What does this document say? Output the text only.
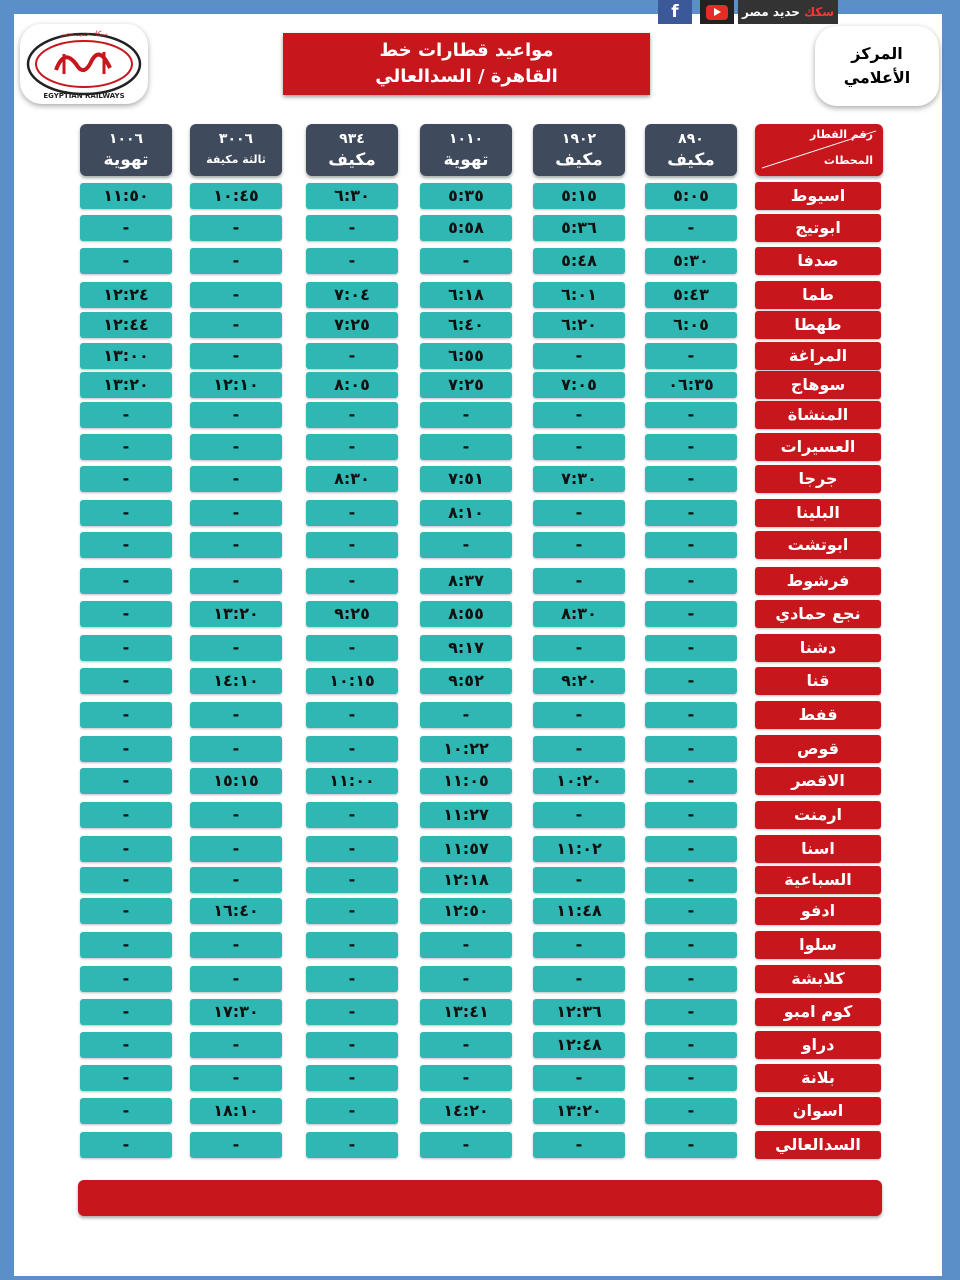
f	سكك حديد مصر
سكك حديد مصر
EGYPTIAN RAILWAYS
مواعيد قطارات خط
القاهرة / السدالعالي
المركز
الأعلامي
رقم القطار
المحطات
٨٩٠
مكيف
١٩٠٢
مكيف
١٠١٠
تهوية
٩٣٤
مكيف
٣٠٠٦
ثالثة مكيفة
١٠٠٦
تهوية
اسيوط
٥:٠٥
٥:١٥
٥:٣٥
٦:٣٠
١٠:٤٥
١١:٥٠
ابوتيج
-
٥:٣٦
٥:٥٨
-
-
-
صدفا
٥:٣٠
٥:٤٨
-
-
-
-
طما
٥:٤٣
٦:٠١
٦:١٨
٧:٠٤
-
١٢:٢٤
طهطا
٦:٠٥
٦:٢٠
٦:٤٠
٧:٢٥
-
١٢:٤٤
المراغة
-
-
٦:٥٥
-
-
١٣:٠٠
سوهاج
٠٦:٣٥
٧:٠٥
٧:٢٥
٨:٠٥
١٢:١٠
١٣:٢٠
المنشاة
-
-
-
-
-
-
العسيرات
-
-
-
-
-
-
جرجا
-
٧:٣٠
٧:٥١
٨:٣٠
-
-
البلينا
-
-
٨:١٠
-
-
-
ابوتشت
-
-
-
-
-
-
فرشوط
-
-
٨:٣٧
-
-
-
نجع حمادي
-
٨:٣٠
٨:٥٥
٩:٢٥
١٣:٢٠
-
دشنا
-
-
٩:١٧
-
-
-
قنا
-
٩:٢٠
٩:٥٢
١٠:١٥
١٤:١٠
-
قفط
-
-
-
-
-
-
قوص
-
-
١٠:٢٢
-
-
-
الاقصر
-
١٠:٢٠
١١:٠٥
١١:٠٠
١٥:١٥
-
ارمنت
-
-
١١:٢٧
-
-
-
اسنا
-
١١:٠٢
١١:٥٧
-
-
-
السباعية
-
-
١٢:١٨
-
-
-
ادفو
-
١١:٤٨
١٢:٥٠
-
١٦:٤٠
-
سلوا
-
-
-
-
-
-
كلابشة
-
-
-
-
-
-
كوم امبو
-
١٢:٣٦
١٣:٤١
-
١٧:٣٠
-
دراو
-
١٢:٤٨
-
-
-
-
بلانة
-
-
-
-
-
-
اسوان
-
١٣:٢٠
١٤:٢٠
-
١٨:١٠
-
السدالعالي
-
-
-
-
-
-
